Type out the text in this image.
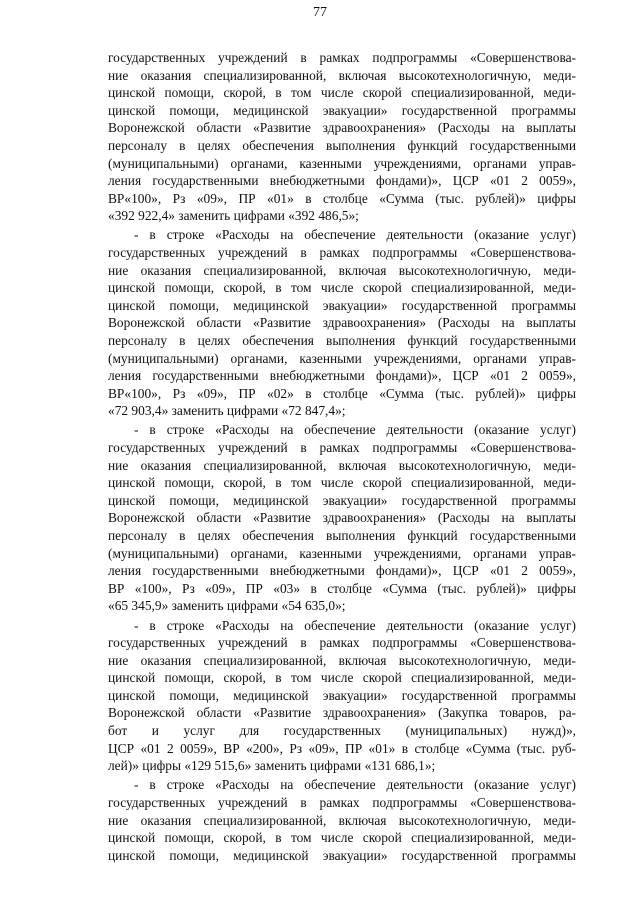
77
государственных учреждений в рамках подпрограммы «Совершенствова-
ние оказания специализированной, включая высокотехнологичную, меди-
цинской помощи, скорой, в том числе скорой специализированной, меди-
цинской помощи, медицинской эвакуации» государственной программы
Воронежской области «Развитие здравоохранения» (Расходы на выплаты
персоналу в целях обеспечения выполнения функций государственными
(муниципальными) органами, казенными учреждениями, органами управ-
ления государственными внебюджетными фондами)», ЦСР «01 2 0059»,
ВР«100», Рз «09», ПР «01» в столбце «Сумма (тыс. рублей)» цифры
«392 922,4» заменить цифрами «392 486,5»;
- в строке «Расходы на обеспечение деятельности (оказание услуг)
государственных учреждений в рамках подпрограммы «Совершенствова-
ние оказания специализированной, включая высокотехнологичную, меди-
цинской помощи, скорой, в том числе скорой специализированной, меди-
цинской помощи, медицинской эвакуации» государственной программы
Воронежской области «Развитие здравоохранения» (Расходы на выплаты
персоналу в целях обеспечения выполнения функций государственными
(муниципальными) органами, казенными учреждениями, органами управ-
ления государственными внебюджетными фондами)», ЦСР «01 2 0059»,
ВР«100», Рз «09», ПР «02» в столбце «Сумма (тыс. рублей)» цифры
«72 903,4» заменить цифрами «72 847,4»;
- в строке «Расходы на обеспечение деятельности (оказание услуг)
государственных учреждений в рамках подпрограммы «Совершенствова-
ние оказания специализированной, включая высокотехнологичную, меди-
цинской помощи, скорой, в том числе скорой специализированной, меди-
цинской помощи, медицинской эвакуации» государственной программы
Воронежской области «Развитие здравоохранения» (Расходы на выплаты
персоналу в целях обеспечения выполнения функций государственными
(муниципальными) органами, казенными учреждениями, органами управ-
ления государственными внебюджетными фондами)», ЦСР «01 2 0059»,
ВР «100», Рз «09», ПР «03» в столбце «Сумма (тыс. рублей)» цифры
«65 345,9» заменить цифрами «54 635,0»;
- в строке «Расходы на обеспечение деятельности (оказание услуг)
государственных учреждений в рамках подпрограммы «Совершенствова-
ние оказания специализированной, включая высокотехнологичную, меди-
цинской помощи, скорой, в том числе скорой специализированной, меди-
цинской помощи, медицинской эвакуации» государственной программы
Воронежской области «Развитие здравоохранения» (Закупка товаров, ра-
бот и услуг для государственных (муниципальных) нужд)»,
ЦСР «01 2 0059», ВР «200», Рз «09», ПР «01» в столбце «Сумма (тыс. руб-
лей)» цифры «129 515,6» заменить цифрами «131 686,1»;
- в строке «Расходы на обеспечение деятельности (оказание услуг)
государственных учреждений в рамках подпрограммы «Совершенствова-
ние оказания специализированной, включая высокотехнологичную, меди-
цинской помощи, скорой, в том числе скорой специализированной, меди-
цинской помощи, медицинской эвакуации» государственной программы
